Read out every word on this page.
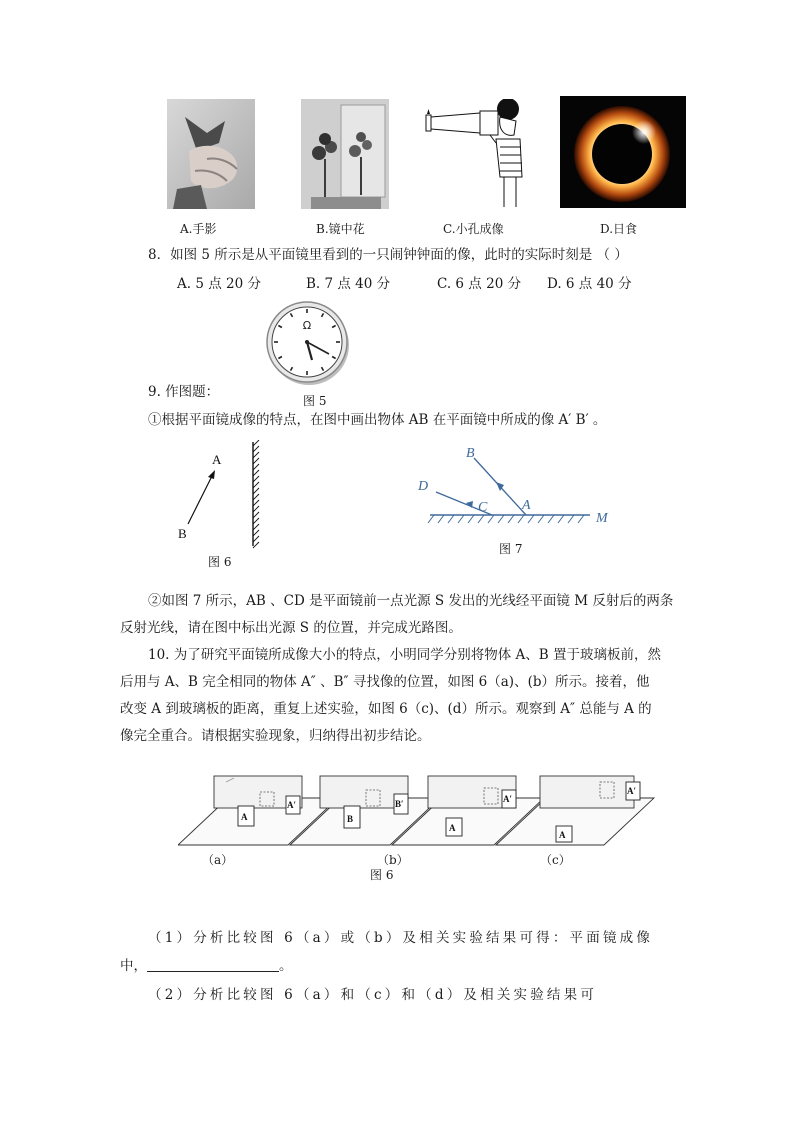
A.手影	B.镜中花	C.小孔成像	D.日食
8．如图 5 所示是从平面镜里看到的一只闹钟钟面的像，此时的实际时刻是 （ ）
A. 5 点 20 分	B. 7 点 40 分	C. 6 点 20 分 D. 6 点 40 分
Ω
图 5
9. 作图题：
①根据平面镜成像的特点，在图中画出物体 AB 在平面镜中所成的像 A′ B′ 。
A
B
图 6
B
D
C A
M
图 7
②如图 7 所示，AB 、CD 是平面镜前一点光源 S 发出的光线经平面镜 M 反射后的两条
反射光线，请在图中标出光源 S 的位置，并完成光路图。
10. 为了研究平面镜所成像大小的特点，小明同学分别将物体 A、B 置于玻璃板前，然
后用与 A、B 完全相同的物体 A″ 、B″ 寻找像的位置，如图 6（a)、(b）所示。接着，他
改变 A 到玻璃板的距离，重复上述实验，如图 6（c)、(d）所示。观察到 A″ 总能与 A 的
像完全重合。请根据实验现象，归纳得出初步结论。
A
A′
B
B′
A
A′
A
A′
（a）	（b）	（c）
图 6
（1）分析比较图 6（a）或（b）及相关实验结果可得：平面镜成像
中，	。
（2）分析比较图 6（a）和（c）和（d）及相关实验结果可
